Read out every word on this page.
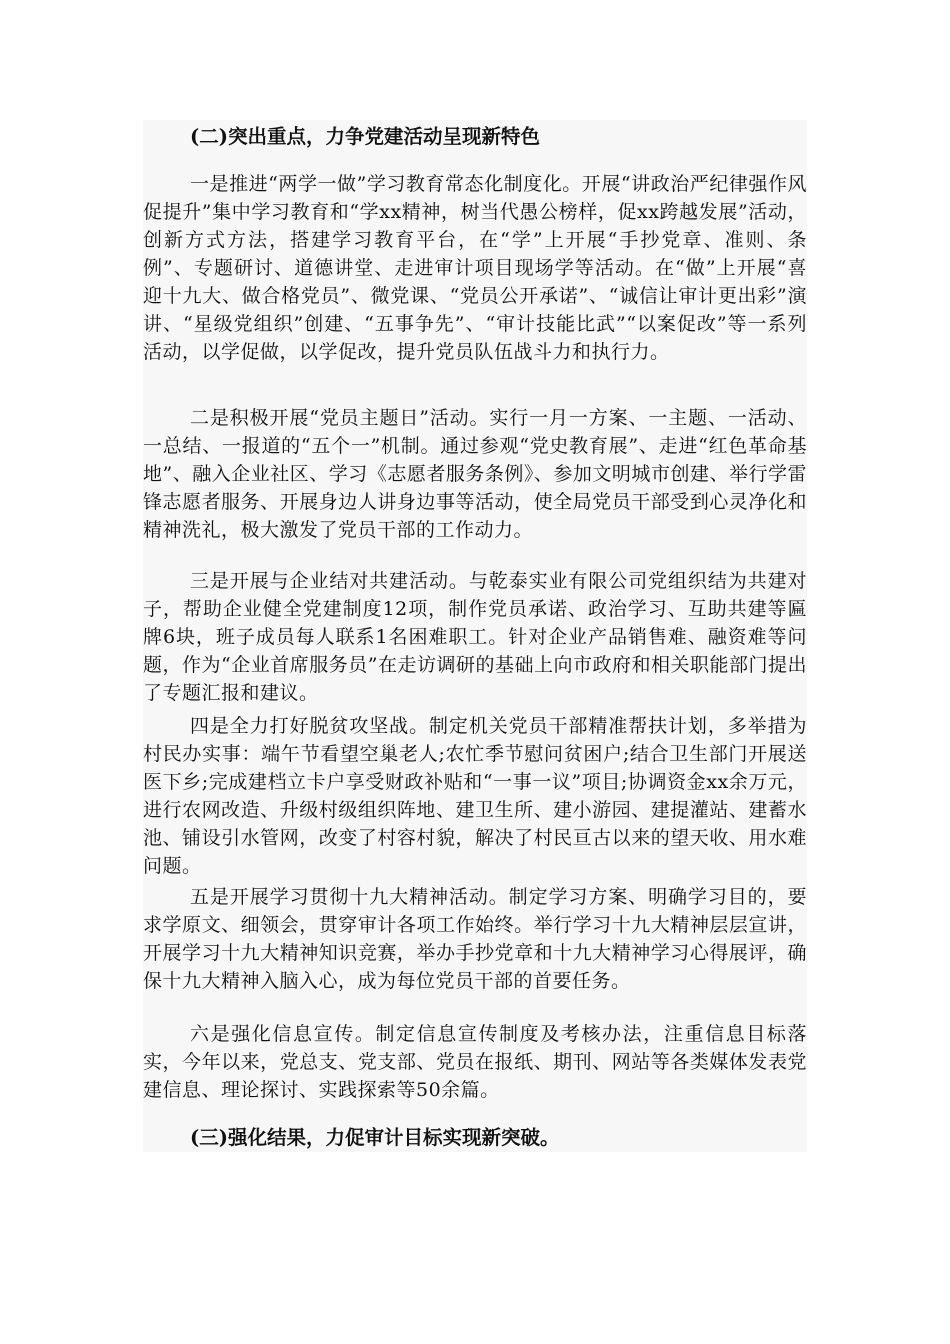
(二)突出重点，力争党建活动呈现新特色

一是推进“两学一做”学习教育常态化制度化。开展“讲政治严纪律强作风促提升”集中学习教育和“学xx精神，树当代愚公榜样，促xx跨越发展”活动，创新方式方法，搭建学习教育平台，在“学”上开展“手抄党章、准则、条例”、专题研讨、道德讲堂、走进审计项目现场学等活动。在“做”上开展“喜迎十九大、做合格党员”、微党课、“党员公开承诺”、“诚信让审计更出彩”演讲、“星级党组织”创建、“五事争先”、“审计技能比武”“以案促改”等一系列活动，以学促做，以学促改，提升党员队伍战斗力和执行力。

二是积极开展“党员主题日”活动。实行一月一方案、一主题、一活动、一总结、一报道的“五个一”机制。通过参观“党史教育展”、走进“红色革命基地”、融入企业社区、学习《志愿者服务条例》、参加文明城市创建、举行学雷锋志愿者服务、开展身边人讲身边事等活动，使全局党员干部受到心灵净化和精神洗礼，极大激发了党员干部的工作动力。

三是开展与企业结对共建活动。与乾泰实业有限公司党组织结为共建对子，帮助企业健全党建制度12项，制作党员承诺、政治学习、互助共建等匾牌6块，班子成员每人联系1名困难职工。针对企业产品销售难、融资难等问题，作为“企业首席服务员”在走访调研的基础上向市政府和相关职能部门提出了专题汇报和建议。

四是全力打好脱贫攻坚战。制定机关党员干部精准帮扶计划，多举措为村民办实事：端午节看望空巢老人;农忙季节慰问贫困户;结合卫生部门开展送医下乡;完成建档立卡户享受财政补贴和“一事一议”项目;协调资金xx余万元，进行农网改造、升级村级组织阵地、建卫生所、建小游园、建提灌站、建蓄水池、铺设引水管网，改变了村容村貌，解决了村民亘古以来的望天收、用水难问题。

五是开展学习贯彻十九大精神活动。制定学习方案、明确学习目的，要求学原文、细领会，贯穿审计各项工作始终。举行学习十九大精神层层宣讲，开展学习十九大精神知识竞赛，举办手抄党章和十九大精神学习心得展评，确保十九大精神入脑入心，成为每位党员干部的首要任务。

六是强化信息宣传。制定信息宣传制度及考核办法，注重信息目标落实，今年以来，党总支、党支部、党员在报纸、期刊、网站等各类媒体发表党建信息、理论探讨、实践探索等50余篇。

(三)强化结果，力促审计目标实现新突破。
